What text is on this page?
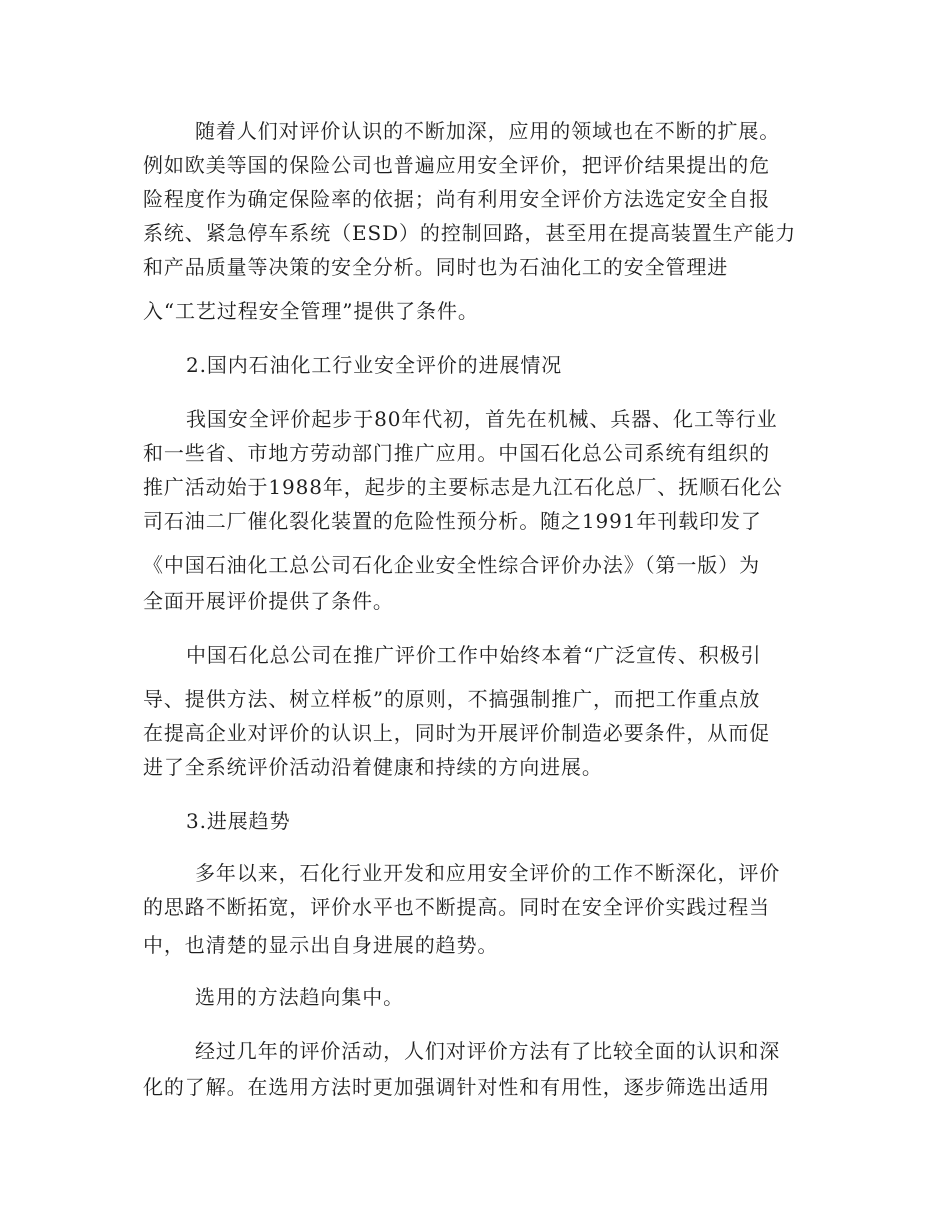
随着人们对评价认识的不断加深，应用的领域也在不断的扩展。
例如欧美等国的保险公司也普遍应用安全评价，把评价结果提出的危
险程度作为确定保险率的依据；尚有利用安全评价方法选定安全自报
系统、紧急停车系统（ESD）的控制回路，甚至用在提高装置生产能力
和产品质量等决策的安全分析。同时也为石油化工的安全管理进
入“工艺过程安全管理”提供了条件。
2.国内石油化工行业安全评价的进展情况
我国安全评价起步于80年代初，首先在机械、兵器、化工等行业
和一些省、市地方劳动部门推广应用。中国石化总公司系统有组织的
推广活动始于1988年，起步的主要标志是九江石化总厂、抚顺石化公
司石油二厂催化裂化装置的危险性预分析。随之1991年刊载印发了
《中国石油化工总公司石化企业安全性综合评价办法》（第一版）为
全面开展评价提供了条件。
中国石化总公司在推广评价工作中始终本着“广泛宣传、积极引
导、提供方法、树立样板”的原则，不搞强制推广，而把工作重点放
在提高企业对评价的认识上，同时为开展评价制造必要条件，从而促
进了全系统评价活动沿着健康和持续的方向进展。
3.进展趋势
多年以来，石化行业开发和应用安全评价的工作不断深化，评价
的思路不断拓宽，评价水平也不断提高。同时在安全评价实践过程当
中，也清楚的显示出自身进展的趋势。
选用的方法趋向集中。
经过几年的评价活动，人们对评价方法有了比较全面的认识和深
化的了解。在选用方法时更加强调针对性和有用性，逐步筛选出适用
